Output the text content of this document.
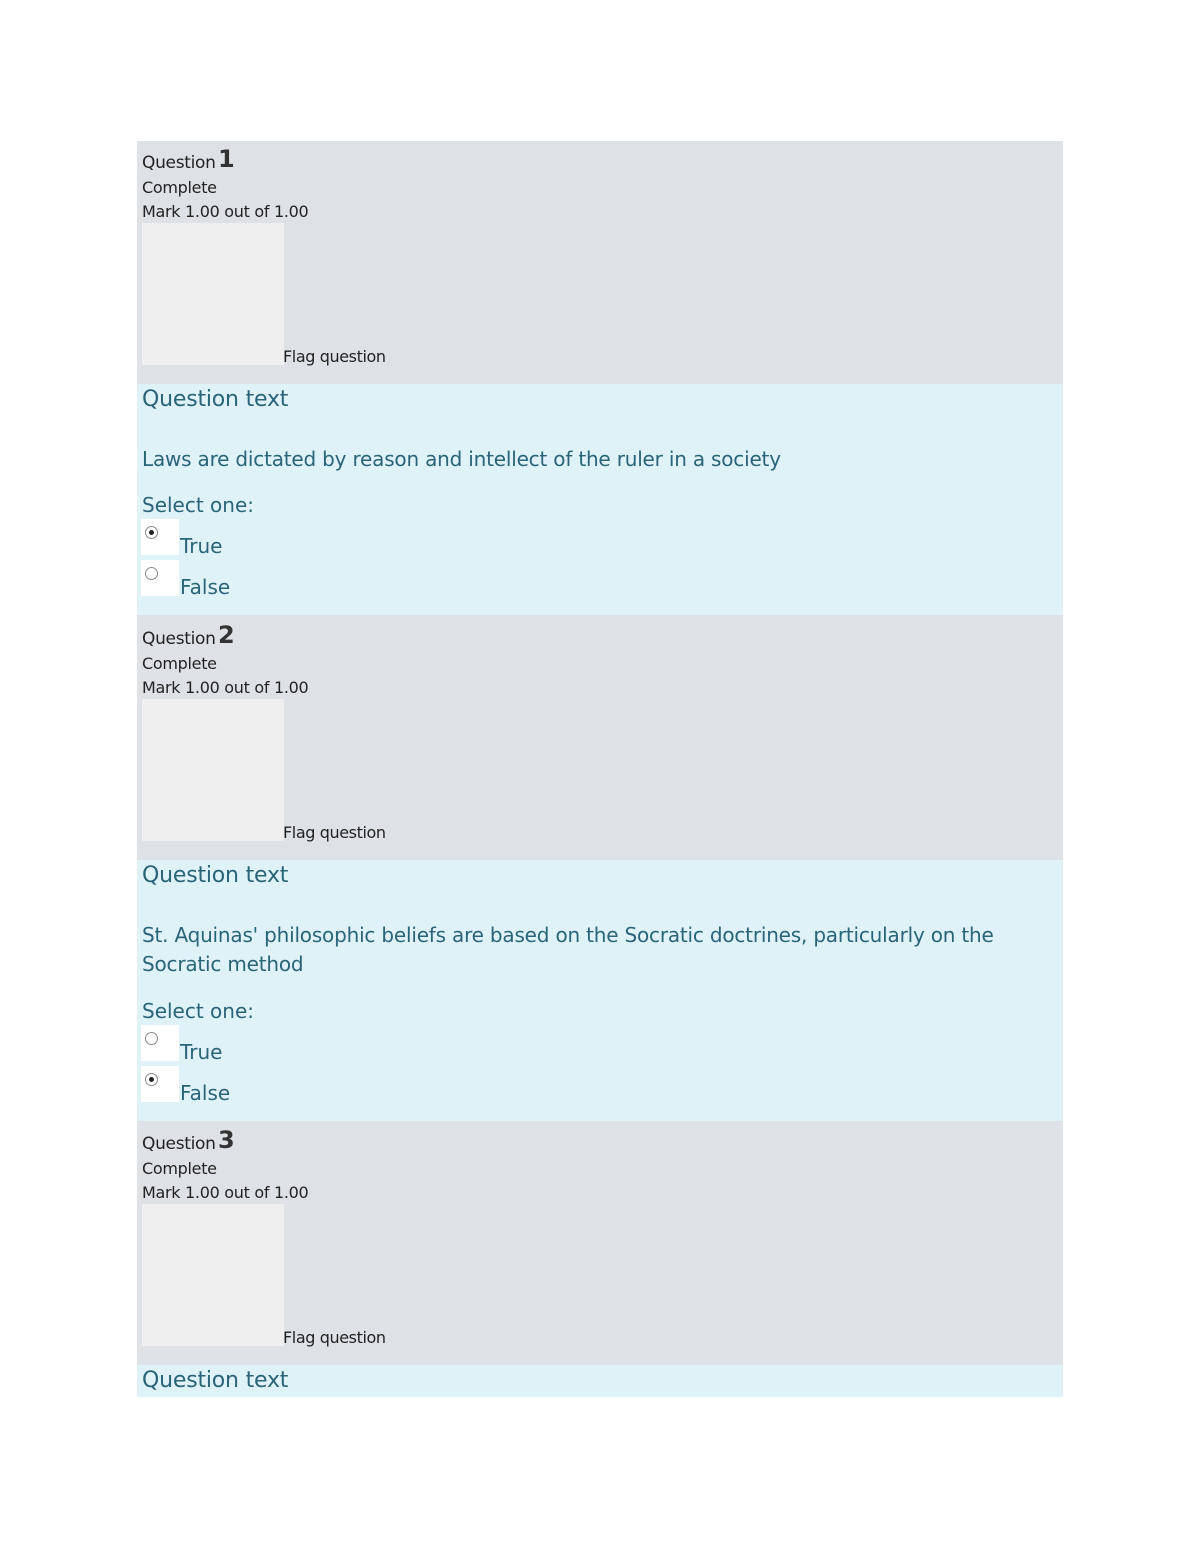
Question 1
Complete
Mark 1.00 out of 1.00
Flag question
Question text
Laws are dictated by reason and intellect of the ruler in a society
Select one:
True
False
Question 2
Complete
Mark 1.00 out of 1.00
Flag question
Question text
St. Aquinas' philosophic beliefs are based on the Socratic doctrines, particularly on the Socratic method
Select one:
True
False
Question 3
Complete
Mark 1.00 out of 1.00
Flag question
Question text
